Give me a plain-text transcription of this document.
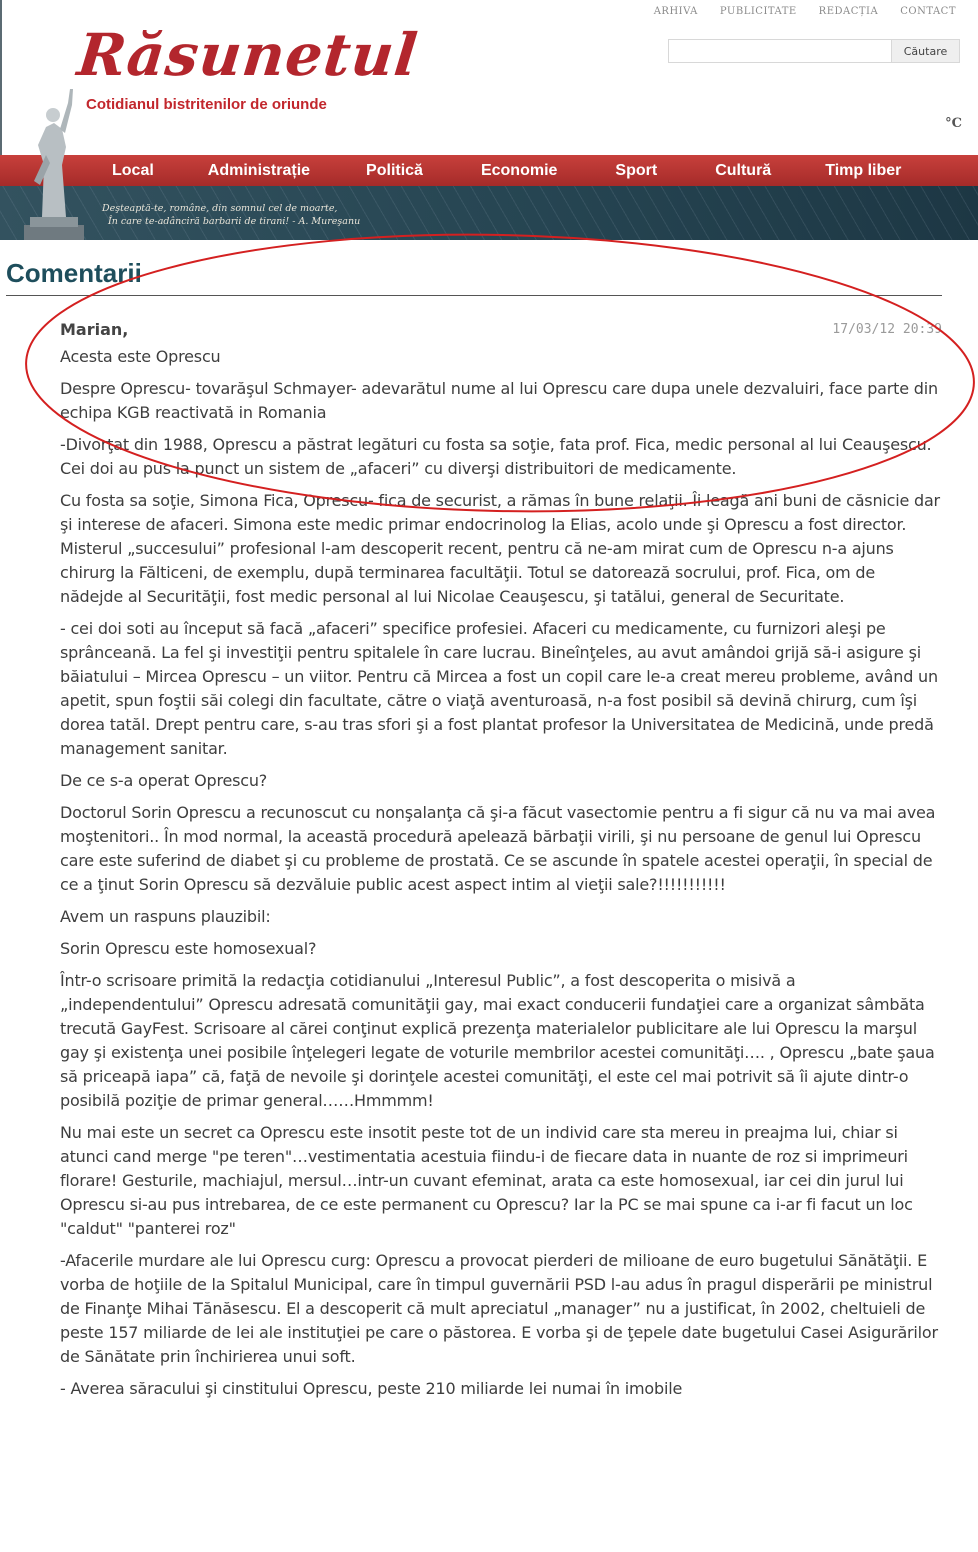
ARHIVA PUBLICITATE REDACȚIA CONTACT
Căutare
°C
Răsunetul
Cotidianul bistritenilor de oriunde
Local	Administrație	Politică	Economie	Sport	Cultură	Timp liber
Deşteaptă-te, române, din somnul cel de moarte,
În care te-adânciră barbarii de tirani! - A. Mureşanu
Comentarii
Marian,	17/03/12 20:39

Acesta este Oprescu

Despre Oprescu- tovarăşul Schmayer- adevarătul nume al lui Oprescu care dupa unele dezvaluiri, face parte din echipa KGB reactivată in Romania

-Divorţat din 1988, Oprescu a păstrat legături cu fosta sa soţie, fata prof. Fica, medic personal al lui Ceauşescu. Cei doi au pus la punct un sistem de „afaceri” cu diverşi distribuitori de medicamente.

Cu fosta sa soţie, Simona Fica, Oprescu- fica de securist, a rămas în bune relaţii. Îi leagă ani buni de căsnicie dar şi interese de afaceri. Simona este medic primar endocrinolog la Elias, acolo unde şi Oprescu a fost director. Misterul „succesului” profesional l-am descoperit recent, pentru că ne-am mirat cum de Oprescu n-a ajuns chirurg la Fălticeni, de exemplu, după terminarea facultăţii. Totul se datorează socrului, prof. Fica, om de nădejde al Securităţii, fost medic personal al lui Nicolae Ceauşescu, şi tatălui, general de Securitate.

- cei doi soti au început să facă „afaceri” specifice profesiei. Afaceri cu medicamente, cu furnizori aleşi pe sprânceană. La fel şi investiţii pentru spitalele în care lucrau. Bineînţeles, au avut amândoi grijă să-i asigure şi băiatului – Mircea Oprescu – un viitor. Pentru că Mircea a fost un copil care le-a creat mereu probleme, având un apetit, spun foştii săi colegi din facultate, către o viaţă aventuroasă, n-a fost posibil să devină chirurg, cum îşi dorea tatăl. Drept pentru care, s-au tras sfori şi a fost plantat profesor la Universitatea de Medicină, unde predă management sanitar.

De ce s-a operat Oprescu?

Doctorul Sorin Oprescu a recunoscut cu nonşalanţa că şi-a făcut vasectomie pentru a fi sigur că nu va mai avea moştenitori.. În mod normal, la această procedură apelează bărbaţii virili, şi nu persoane de genul lui Oprescu care este suferind de diabet şi cu probleme de prostată. Ce se ascunde în spatele acestei operaţii, în special de ce a ţinut Sorin Oprescu să dezvăluie public acest aspect intim al vieţii sale?!!!!!!!!!!!

Avem un raspuns plauzibil:

Sorin Oprescu este homosexual?

Într-o scrisoare primită la redacţia cotidianului „Interesul Public”, a fost descoperita o misivă a „independentului” Oprescu adresată comunităţii gay, mai exact conducerii fundaţiei care a organizat sâmbăta trecută GayFest. Scrisoare al cărei conţinut explică prezenţa materialelor publicitare ale lui Oprescu la marşul gay şi existenţa unei posibile înţelegeri legate de voturile membrilor acestei comunităţi…. , Oprescu „bate şaua să priceapă iapa” că, faţă de nevoile şi dorinţele acestei comunităţi, el este cel mai potrivit să îi ajute dintr-o posibilă poziţie de primar general……Hmmmm!

Nu mai este un secret ca Oprescu este insotit peste tot de un individ care sta mereu in preajma lui, chiar si atunci cand merge "pe teren"…vestimentatia acestuia fiindu-i de fiecare data in nuante de roz si imprimeuri florare! Gesturile, machiajul, mersul…intr-un cuvant efeminat, arata ca este homosexual, iar cei din jurul lui Oprescu si-au pus intrebarea, de ce este permanent cu Oprescu? Iar la PC se mai spune ca i-ar fi facut un loc "caldut" "panterei roz"

-Afacerile murdare ale lui Oprescu curg: Oprescu a provocat pierderi de milioane de euro bugetului Sănătăţii. E vorba de hoţiile de la Spitalul Municipal, care în timpul guvernării PSD l-au adus în pragul disperării pe ministrul de Finanţe Mihai Tănăsescu. El a descoperit că mult apreciatul „manager” nu a justificat, în 2002, cheltuieli de peste 157 miliarde de lei ale instituţiei pe care o păstorea. E vorba şi de ţepele date bugetului Casei Asigurărilor de Sănătate prin închirierea unui soft.

- Averea săracului şi cinstitului Oprescu, peste 210 miliarde lei numai în imobile
